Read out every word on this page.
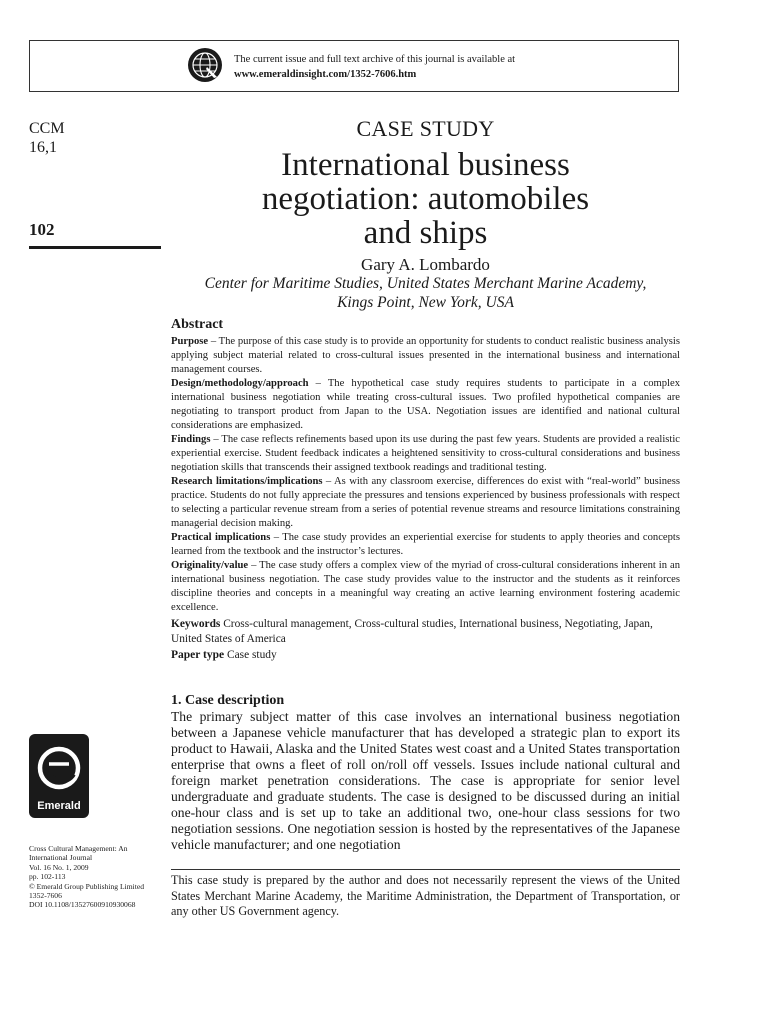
The current issue and full text archive of this journal is available at
www.emeraldinsight.com/1352-7606.htm
CCM
16,1
102
Emerald
Cross Cultural Management: An
International Journal
Vol. 16 No. 1, 2009
pp. 102-113
© Emerald Group Publishing Limited
1352-7606
DOI 10.1108/13527600910930068
CASE STUDY
International business
negotiation: automobiles
and ships
Gary A. Lombardo
Center for Maritime Studies, United States Merchant Marine Academy,
Kings Point, New York, USA
Abstract

Purpose – The purpose of this case study is to provide an opportunity for students to conduct realistic business analysis applying subject material related to cross-cultural issues presented in the international business and international management courses.

Design/methodology/approach – The hypothetical case study requires students to participate in a complex international business negotiation while treating cross-cultural issues. Two profiled hypothetical companies are negotiating to transport product from Japan to the USA. Negotiation issues are identified and national cultural considerations are emphasized.

Findings – The case reflects refinements based upon its use during the past few years. Students are provided a realistic experiential exercise. Student feedback indicates a heightened sensitivity to cross-cultural considerations and business negotiation skills that transcends their assigned textbook readings and traditional testing.

Research limitations/implications – As with any classroom exercise, differences do exist with “real-world” business practice. Students do not fully appreciate the pressures and tensions experienced by business professionals with respect to selecting a particular revenue stream from a series of potential revenue streams and resource limitations constraining managerial decision making.

Practical implications – The case study provides an experiential exercise for students to apply theories and concepts learned from the textbook and the instructor’s lectures.

Originality/value – The case study offers a complex view of the myriad of cross-cultural considerations inherent in an international business negotiation. The case study provides value to the instructor and the students as it reinforces discipline theories and concepts in a meaningful way creating an active learning environment fostering academic excellence.

Keywords Cross-cultural management, Cross-cultural studies, International business, Negotiating, Japan, United States of America

Paper type Case study

1. Case description

The primary subject matter of this case involves an international business negotiation between a Japanese vehicle manufacturer that has developed a strategic plan to export its product to Hawaii, Alaska and the United States west coast and a United States transportation enterprise that owns a fleet of roll on/roll off vessels. Issues include national cultural and foreign market penetration considerations. The case is appropriate for senior level undergraduate and graduate students. The case is designed to be discussed during an initial one-hour class and is set up to take an additional two, one-hour class sessions for two negotiation sessions. One negotiation session is hosted by the representatives of the Japanese vehicle manufacturer; and one negotiation

This case study is prepared by the author and does not necessarily represent the views of the United States Merchant Marine Academy, the Maritime Administration, the Department of Transportation, or any other US Government agency.
